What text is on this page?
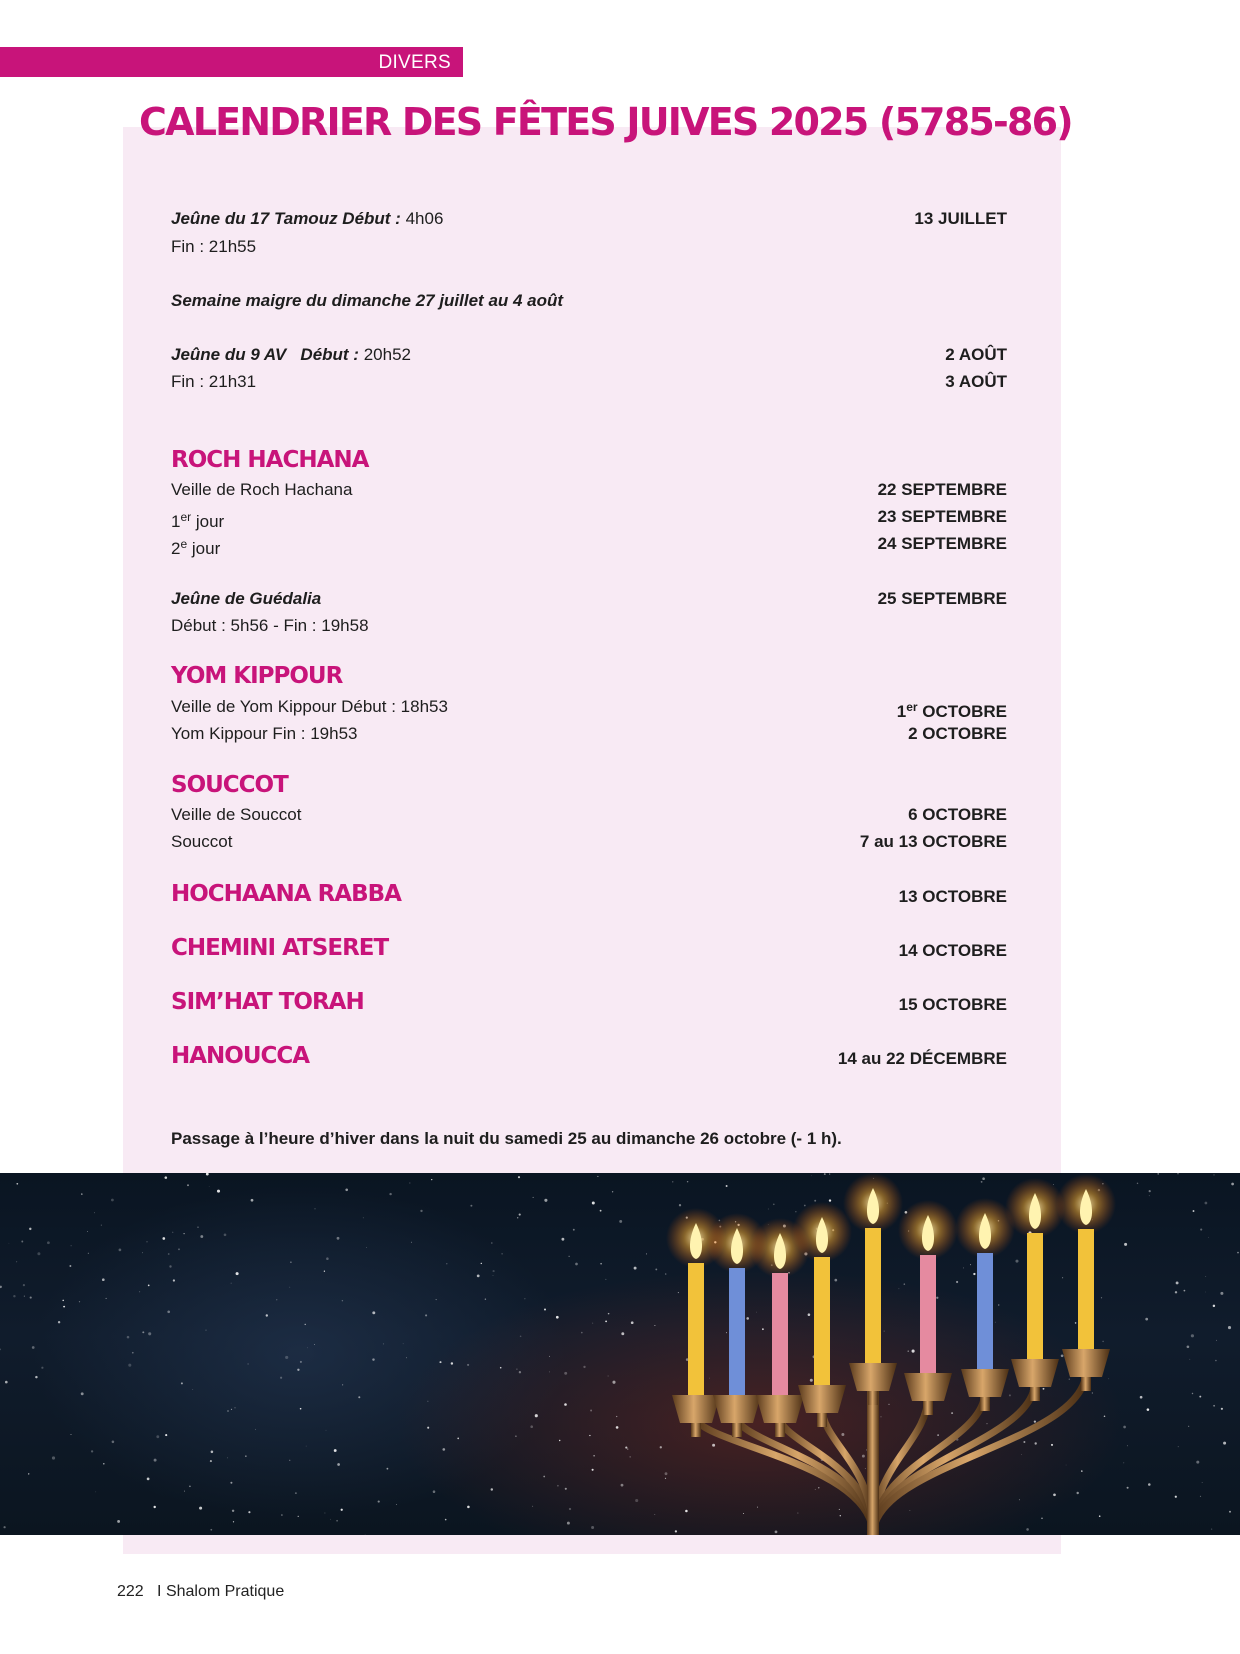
DIVERS
CALENDRIER DES FÊTES JUIVES 2025 (5785-86)
Jeûne du 17 Tamouz Début : 4h06	13 JUILLET
Fin : 21h55
Semaine maigre du dimanche 27 juillet au 4 août
Jeûne du 9 AV Début : 20h52	2 AOÛT
Fin : 21h31	3 AOÛT
ROCH HACHANA
Veille de Roch Hachana	22 SEPTEMBRE
1er jour	23 SEPTEMBRE
2e jour	24 SEPTEMBRE
Jeûne de Guédalia	25 SEPTEMBRE
Début : 5h56 - Fin : 19h58
YOM KIPPOUR
Veille de Yom Kippour Début : 18h53	1er OCTOBRE
Yom Kippour Fin : 19h53	2 OCTOBRE
SOUCCOT
Veille de Souccot	6 OCTOBRE
Souccot	7 au 13 OCTOBRE
HOCHAANA RABBA	13 OCTOBRE
CHEMINI ATSERET	14 OCTOBRE
SIM’HAT TORAH	15 OCTOBRE
HANOUCCA	14 au 22 DÉCEMBRE
Passage à l’heure d’hiver dans la nuit du samedi 25 au dimanche 26 octobre (- 1 h).
222 I Shalom Pratique
